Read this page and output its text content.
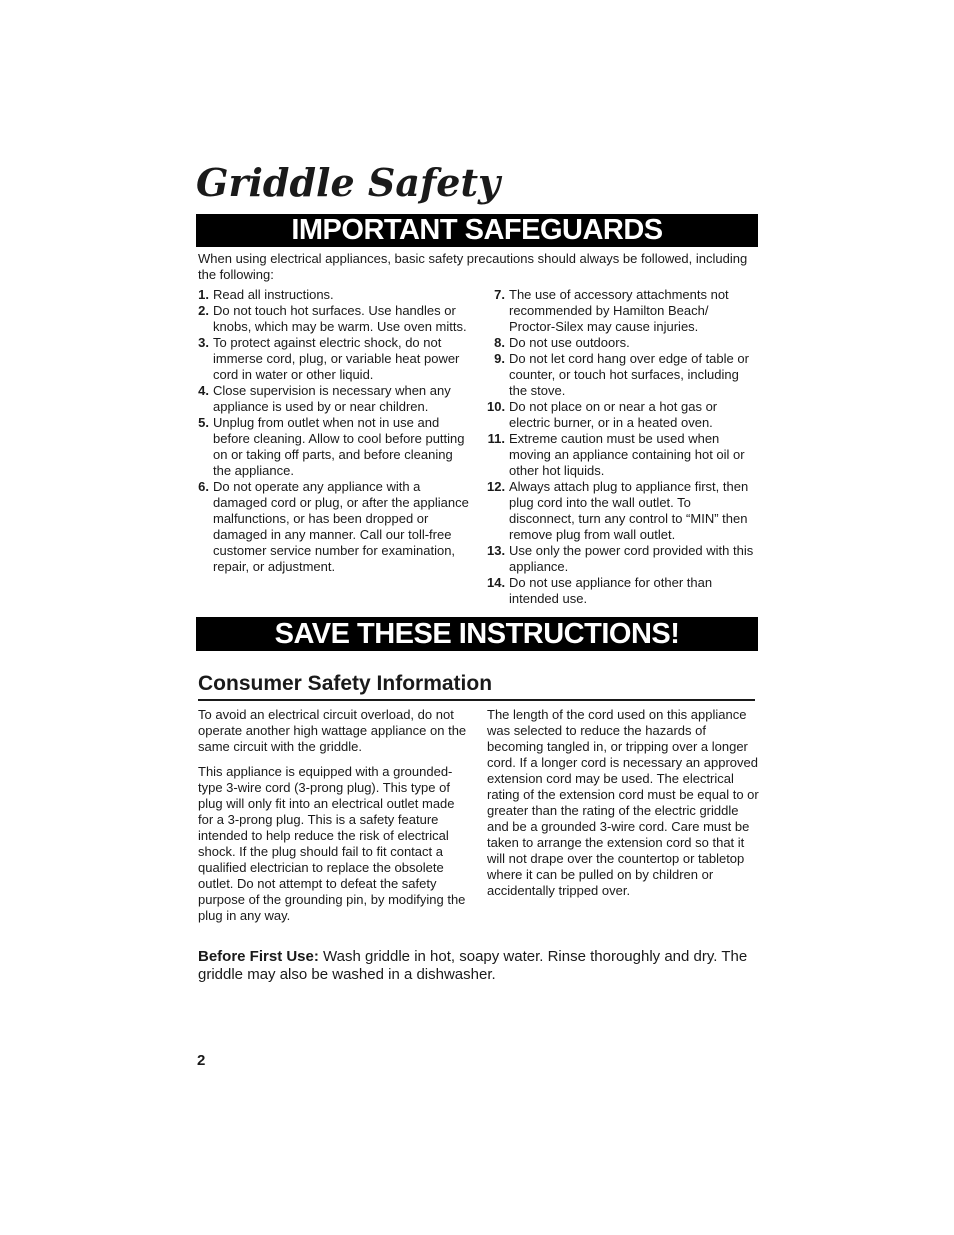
Griddle Safety
IMPORTANT SAFEGUARDS
When using electrical appliances, basic safety precautions should always be followed, including the following:
1. Read all instructions.
2. Do not touch hot surfaces. Use handles or knobs, which may be warm. Use oven mitts.
3. To protect against electric shock, do not immerse cord, plug, or variable heat power cord in water or other liquid.
4. Close supervision is necessary when any appliance is used by or near children.
5. Unplug from outlet when not in use and before cleaning. Allow to cool before putting on or taking off parts, and before cleaning the appliance.
6. Do not operate any appliance with a damaged cord or plug, or after the appliance malfunctions, or has been dropped or damaged in any manner. Call our toll-free customer service number for examination, repair, or adjustment.
7. The use of accessory attachments not recommended by Hamilton Beach/ Proctor-Silex may cause injuries.
8. Do not use outdoors.
9. Do not let cord hang over edge of table or counter, or touch hot surfaces, including the stove.
10. Do not place on or near a hot gas or electric burner, or in a heated oven.
11. Extreme caution must be used when moving an appliance containing hot oil or other hot liquids.
12. Always attach plug to appliance first, then plug cord into the wall outlet. To disconnect, turn any control to “MIN” then remove plug from wall outlet.
13. Use only the power cord provided with this appliance.
14. Do not use appliance for other than intended use.
SAVE THESE INSTRUCTIONS!
Consumer Safety Information

To avoid an electrical circuit overload, do not operate another high wattage appliance on the same circuit with the griddle.

This appliance is equipped with a grounded-type 3-wire cord (3-prong plug). This type of plug will only fit into an electrical outlet made for a 3-prong plug. This is a safety feature intended to help reduce the risk of electrical shock. If the plug should fail to fit contact a qualified electrician to replace the obsolete outlet. Do not attempt to defeat the safety purpose of the grounding pin, by modifying the plug in any way.

The length of the cord used on this appliance was selected to reduce the hazards of becoming tangled in, or tripping over a longer cord. If a longer cord is necessary an approved extension cord may be used. The electrical rating of the extension cord must be equal to or greater than the rating of the electric griddle and be a grounded 3-wire cord. Care must be taken to arrange the extension cord so that it will not drape over the countertop or tabletop where it can be pulled on by children or accidentally tripped over.

Before First Use: Wash griddle in hot, soapy water. Rinse thoroughly and dry. The griddle may also be washed in a dishwasher.
2
